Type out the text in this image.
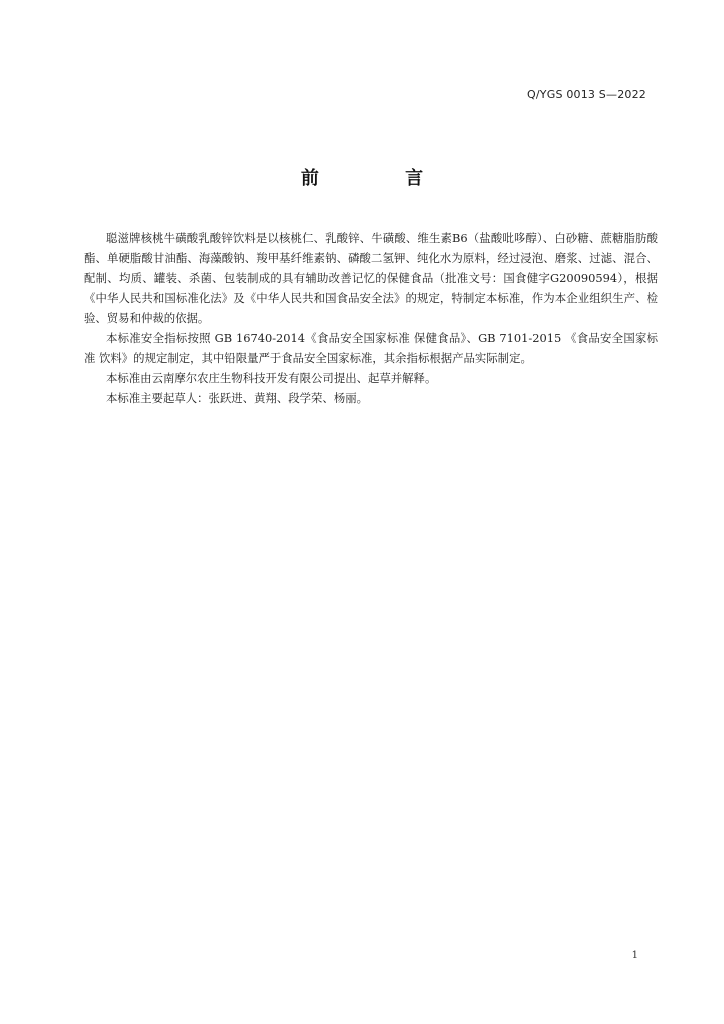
Q/YGS 0013 S—2022
前 言

聪滋牌核桃牛磺酸乳酸锌饮料是以核桃仁、乳酸锌、牛磺酸、维生素B6（盐酸吡哆醇）、白砂糖、蔗糖脂肪酸酯、单硬脂酸甘油酯、海藻酸钠、羧甲基纤维素钠、磷酸二氢钾、纯化水为原料，经过浸泡、磨浆、过滤、混合、配制、均质、罐装、杀菌、包装制成的具有辅助改善记忆的保健食品（批准文号：国食健字G20090594），根据《中华人民共和国标准化法》及《中华人民共和国食品安全法》的规定，特制定本标准，作为本企业组织生产、检验、贸易和仲裁的依据。

本标准安全指标按照 GB 16740-2014《食品安全国家标准 保健食品》、GB 7101-2015 《食品安全国家标准 饮料》的规定制定，其中铅限量严于食品安全国家标准，其余指标根据产品实际制定。

本标准由云南摩尔农庄生物科技开发有限公司提出、起草并解释。

本标准主要起草人：张跃进、黄翔、段学荣、杨丽。

1
